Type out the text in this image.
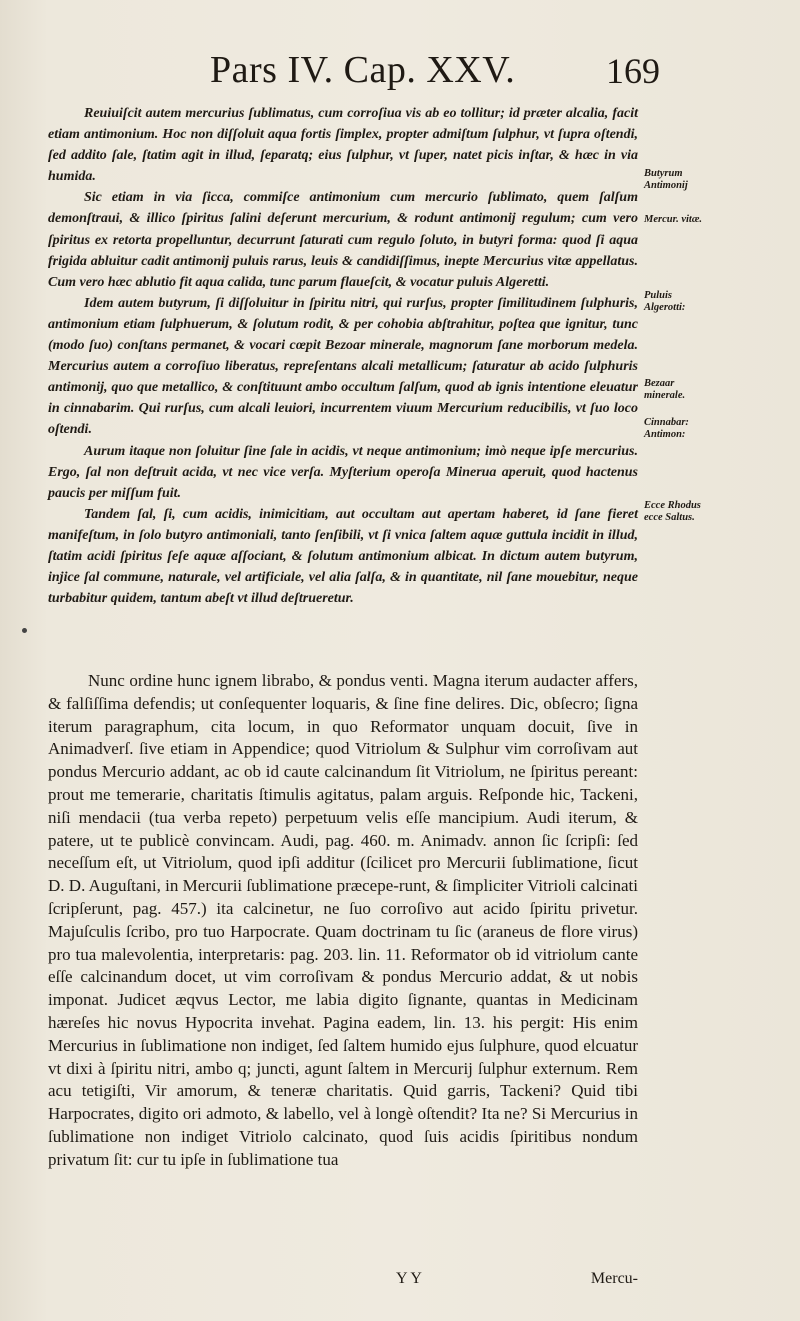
Pars IV. Cap. XXV.	169

Reuiuiſcit autem mercurius ſublimatus, cum corroſiua vis ab eo tollitur; id præter alcalia, facit etiam antimonium. Hoc non diſſoluit aqua fortis ſimplex, propter admiſtum ſulphur, vt ſupra oſtendi, ſed addito ſale, ſtatim agit in illud, ſeparatq; eius ſulphur, vt ſuper, natet picis inſtar, & hæc in via humida.

Sic etiam in via ſicca, commiſce antimonium cum mercurio ſublimato, quem ſalſum demonſtraui, & illico ſpiritus ſalini deſerunt mercurium, & rodunt antimonij regulum; cum vero ſpiritus ex retorta propelluntur, decurrunt ſaturati cum regulo ſoluto, in butyri forma: quod ſi aqua frigida abluitur cadit antimonij puluis rarus, leuis & candidiſſimus, inepte Mercurius vitæ appellatus. Cum vero hæc ablutio fit aqua calida, tunc parum flaueſcit, & vocatur puluis Algeretti.

Idem autem butyrum, ſi diſſoluitur in ſpiritu nitri, qui rurſus, propter ſimilitudinem ſulphuris, antimonium etiam ſulphuerum, & ſolutum rodit, & per cohobia abſtrahitur, poſtea que ignitur, tunc (modo ſuo) conſtans permanet, & vocari cœpit Bezoar minerale, magnorum ſane morborum medela. Mercurius autem a corroſiuo liberatus, repreſentans alcali metallicum; ſaturatur ab acido ſulphuris antimonij, quo que metallico, & conſtituunt ambo occultum ſalſum, quod ab ignis intentione eleuatur in cinnabarim. Qui rurſus, cum alcali leuiori, incurrentem viuum Mercurium reducibilis, vt ſuo loco oſtendi.

Aurum itaque non ſoluitur ſine ſale in acidis, vt neque antimonium; imò neque ipſe mercurius. Ergo, ſal non deſtruit acida, vt nec vice verſa. Myſterium operoſa Minerua aperuit, quod hactenus paucis per miſſum fuit.

Tandem ſal, ſi, cum acidis, inimicitiam, aut occultam aut apertam haberet, id ſane fieret manifeſtum, in ſolo butyro antimoniali, tanto ſenſibili, vt ſi vnica ſaltem aquæ guttula incidit in illud, ſtatim acidi ſpiritus ſeſe aquæ aſſociant, & ſolutum antimonium albicat. In dictum autem butyrum, injice ſal commune, naturale, vel artificiale, vel alia ſalſa, & in quantitate, nil ſane mouebitur, neque turbabitur quidem, tantum abeſt vt illud deſtrueretur.

Butyrum Antimonij
Mercur. vitæ.
Puluis Algerotti:
Bezaar minerale.
Cinnabar: Antimon:
Ecce Rhodus ecce Saltus.

Nunc ordine hunc ignem librabo, & pondus venti. Magna iterum audacter affers, & falſiſſima defendis; ut conſequenter loquaris, & ſine fine delires. Dic, obſecro; ſigna iterum paragraphum, cita locum, in quo Reformator unquam docuit, ſive in Animadverſ. ſive etiam in Appendice; quod Vitriolum & Sulphur vim corroſivam aut pondus Mercurio addant, ac ob id caute calcinandum ſit Vitriolum, ne ſpiritus pereant: prout me temerarie, charitatis ſtimulis agitatus, palam arguis. Reſponde hic, Tackeni, niſi mendacii (tua verba repeto) perpetuum velis eſſe mancipium. Audi iterum, & patere, ut te publicè convincam. Audi, pag. 460. m. Animadv. annon ſic ſcripſi: ſed neceſſum eſt, ut Vitriolum, quod ipſi additur (ſcilicet pro Mercurii ſublimatione, ſicut D. D. Auguſtani, in Mercurii ſublimatione præcepe-runt, & ſimpliciter Vitrioli calcinati ſcripſerunt, pag. 457.) ita calcinetur, ne ſuo corroſivo aut acido ſpiritu privetur. Majuſculis ſcribo, pro tuo Harpocrate. Quam doctrinam tu ſic (araneus de flore virus) pro tua malevolentia, interpretaris: pag. 203. lin. 11. Reformator ob id vitriolum cante eſſe calcinandum docet, ut vim corroſivam & pondus Mercurio addat, & ut nobis imponat. Judicet æqvus Lector, me labia digito ſignante, quantas in Medicinam hæreſes hic novus Hypocrita invehat. Pagina eadem, lin. 13. his pergit: His enim Mercurius in ſublimatione non indiget, ſed ſaltem humido ejus ſulphure, quod elcuatur vt dixi à ſpiritu nitri, ambo q; juncti, agunt ſaltem in Mercurij ſulphur externum. Rem acu tetigiſti, Vir amorum, & teneræ charitatis. Quid garris, Tackeni? Quid tibi Harpocrates, digito ori admoto, & labello, vel à longè oſtendit? Ita ne? Si Mercurius in ſublimatione non indiget Vitriolo calcinato, quod ſuis acidis ſpiritibus nondum privatum ſit: cur tu ipſe in ſublimatione tua

Y Y	Mercu-
